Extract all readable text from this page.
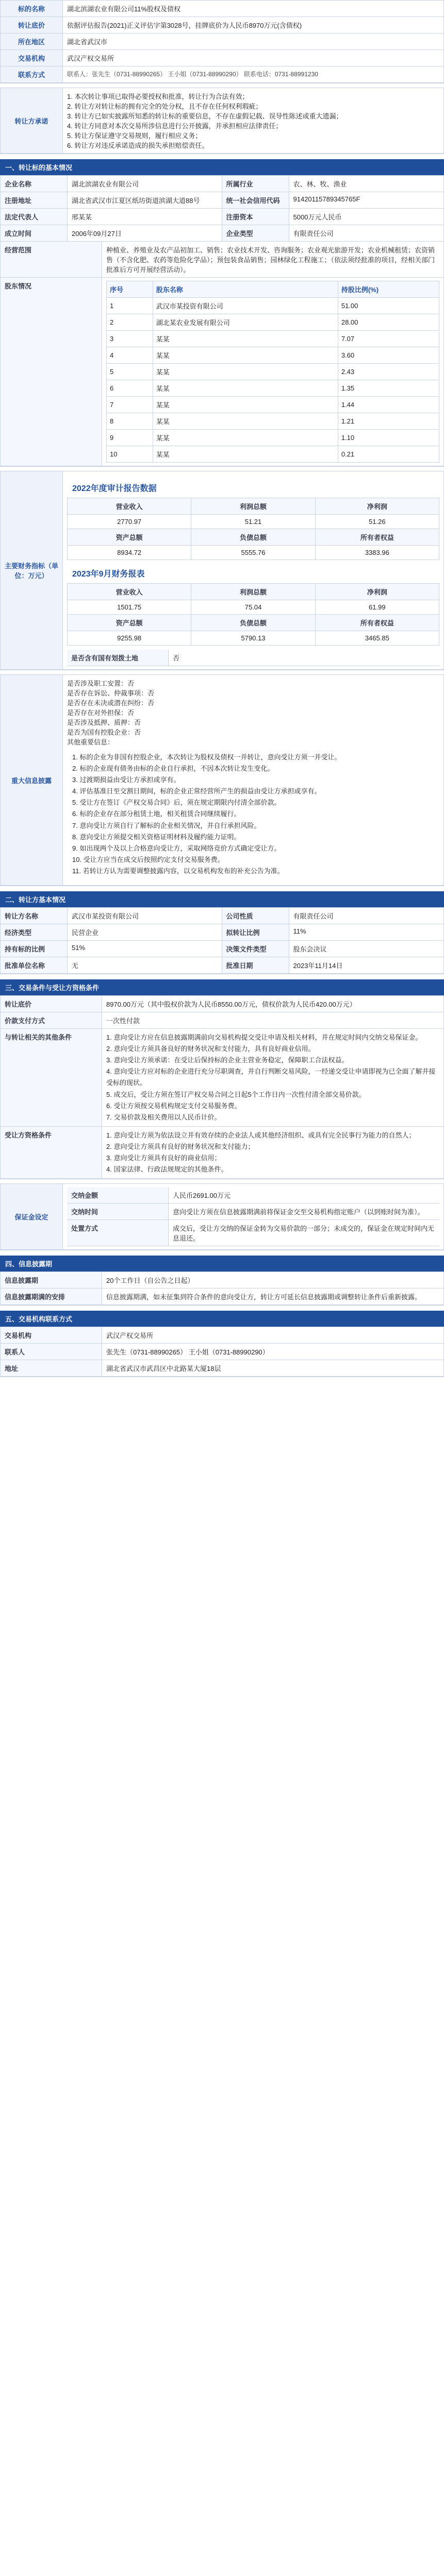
标的名称	湖北滨湖农业有限公司11%股权及债权
转让底价	依据评估报告(2021)正义评估字第3028号，挂牌底价为人民币8970万元(含债权)
所在地区	湖北省武汉市
交易机构	武汉产权交易所
联系方式	联系人：张先生（0731-88990265） 王小姐（0731-88990290） 联系电话：0731-88991230
转让方承诺
1. 本次转让事项已取得必要授权和批准，转让行为合法有效；
2. 转让方对转让标的拥有完全的处分权，且不存在任何权利瑕疵；
3. 转让方已如实披露所知悉的转让标的重要信息，不存在虚假记载、误导性陈述或重大遗漏；
4. 转让方同意对本次交易所涉信息进行公开披露，并承担相应法律责任；
5. 转让方保证遵守交易规则，履行相应义务；
6. 转让方对违反承诺造成的损失承担赔偿责任。
一、转让标的基本情况
企业名称	湖北滨湖农业有限公司	所属行业	农、林、牧、渔业
注册地址	湖北省武汉市江夏区纸坊街道滨湖大道88号	统一社会信用代码	91420115789345765F
法定代表人	邢某某	注册资本	5000万元人民币
成立时间	2006年09月27日	企业类型	有限责任公司
经营范围	种植业、养殖业及农产品初加工、销售；农业技术开发、咨询服务；农业观光旅游开发；农业机械租赁；农资销售（不含化肥、农药等危险化学品）；预包装食品销售；园林绿化工程施工；（依法须经批准的项目，经相关部门批准后方可开展经营活动）。
股东情况	序号	股东名称	持股比例(%)
1	武汉市某投资有限公司	51.00
2	湖北某农业发展有限公司	28.00
3	某某	7.07
4	某某	3.60
5	某某	2.43
6	某某	1.35
7	某某	1.44
8	某某	1.21
9	某某	1.10
10	某某	0.21
主要财务指标（单位：万元）
2022年度审计报告数据
营业收入	利润总额	净利润
2770.97	51.21	51.26
资产总额	负债总额	所有者权益
8934.72	5555.76	3383.96
2023年9月财务报表
营业收入	利润总额	净利润
1501.75	75.04	61.99
资产总额	负债总额	所有者权益
9255.98	5790.13	3465.85
是否含有国有划拨土地	否
重大信息披露
是否涉及职工安置：否
是否存在诉讼、仲裁事项：否
是否存在未决或潜在纠纷：否
是否存在对外担保：否
是否涉及抵押、质押：否
是否为国有控股企业：否
其他重要信息：
1. 标的企业为非国有控股企业，本次转让为股权及债权一并转让，意向受让方须一并受让。
2. 标的企业现有债务由标的企业自行承担，不因本次转让发生变化。
3. 过渡期损益由受让方承担或享有。
4. 评估基准日至交割日期间，标的企业正常经营所产生的损益由受让方承担或享有。
5. 受让方在签订《产权交易合同》后，须在规定期限内付清全部价款。
6. 标的企业存在部分租赁土地，相关租赁合同继续履行。
7. 意向受让方须自行了解标的企业相关情况，并自行承担风险。
8. 意向受让方须提交相关资格证明材料及履约能力证明。
9. 如出现两个及以上合格意向受让方，采取网络竞价方式确定受让方。
10. 受让方应当在成交后按照约定支付交易服务费。
11. 若转让方认为需要调整披露内容，以交易机构发布的补充公告为准。
二、转让方基本情况
转让方名称	武汉市某投资有限公司	公司性质	有限责任公司
经济类型	民营企业	拟转让比例	11%
持有标的比例	51%	决策文件类型	股东会决议
批准单位名称	无	批准日期	2023年11月14日
三、交易条件与受让方资格条件
转让底价	8970.00万元（其中股权价款为人民币8550.00万元，债权价款为人民币420.00万元）
价款支付方式	一次性付款
与转让相关的其他条件	1. 意向受让方应在信息披露期满前向交易机构提交受让申请及相关材料，并在规定时间内交纳交易保证金。
2. 意向受让方须具备良好的财务状况和支付能力，具有良好商业信用。
3. 意向受让方须承诺：在受让后保持标的企业主营业务稳定，保障职工合法权益。
4. 意向受让方应对标的企业进行充分尽职调查，并自行判断交易风险，一经递交受让申请即视为已全面了解并接受标的现状。
5. 成交后，受让方须在签订产权交易合同之日起5个工作日内一次性付清全部交易价款。
6. 受让方须按交易机构规定支付交易服务费。
7. 交易价款及相关费用以人民币计价。
受让方资格条件	1. 意向受让方须为依法设立并有效存续的企业法人或其他经济组织、或具有完全民事行为能力的自然人；
2. 意向受让方须具有良好的财务状况和支付能力；
3. 意向受让方须具有良好的商业信用；
4. 国家法律、行政法规规定的其他条件。
保证金设定
交纳金额	人民币2691.00万元
交纳时间	意向受让方须在信息披露期满前将保证金交至交易机构指定账户（以到账时间为准）。
处置方式	成交后，受让方交纳的保证金转为交易价款的一部分；未成交的，保证金在规定时间内无息退还。
四、信息披露期
信息披露期	20个工作日（自公告之日起）
信息披露期满的安排	信息披露期满，如未征集到符合条件的意向受让方，转让方可延长信息披露期或调整转让条件后重新披露。
五、交易机构联系方式
交易机构	武汉产权交易所
联系人	张先生（0731-88990265） 王小姐（0731-88990290）
地址	湖北省武汉市武昌区中北路某大厦18层
